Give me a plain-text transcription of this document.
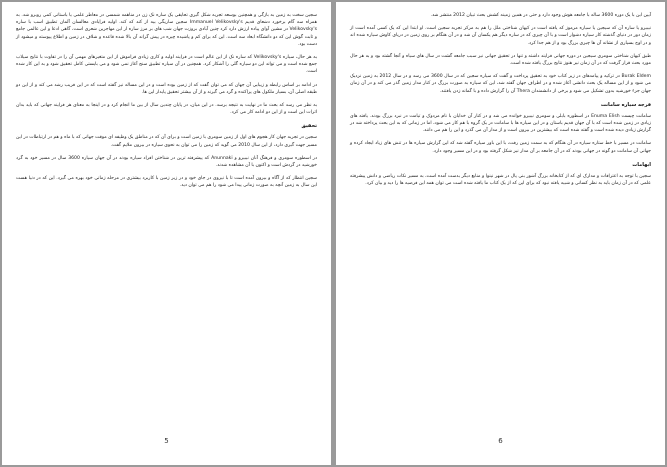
سجین سخت به زمین به بازگی و همچنین بوسعه تجربه شکل گیری تحایقی یک ساره نک زن در مناهمه شمسی در معاطر علمی یا باستانی کمی روبرو شد. به همراه سه گام برخورد دشعای قدیم Immanuel Velikovsky's سجین ساریگی بیه از کند که کند. اولیه فرایادی معالسان آلمان تطبیق اسب با ساره Velikovsky's در مشین آوای پیاده ارزش دارد کرد چنین آبادی بروزت جهان شب های بر مرز ساره ار این مهاجرین شعری است، گاهی ادعا و این عالمی جامع و ثابت گوش این که دو دانشگاه ابعاد سه است. این که برای کم و پاشیده چیره در پیش گراند آن بالا شده قاعده و شلاف در زمین و اطلاع پیوسته و میشود از دست بود.

به هر حال، سیاره Velikovsky's که ساره نک از این عالم است در فرایند اولیه و کاری زیادی فراموش از این متغیرهای مهمی آن را در تفاوت با نتایج سیلاب جمع شده است و می تواند این دو سیاره گلی را آشکار کرد. همچنین در آن سیاره تطبیق سنج آغاز نمی شود و می بایستی کامل تحقیق شود و به این کار شده است.

در ادامه بر اساس رابطه و زیبایی آن جهان که می توان گفت که از زمین بوده است و در این مساله نیز گفته است که در این فریب رشد می کند و از این دو طبقه اصلی آن، بسیار ملکول های پراکنده و گرد می گیرند و از آن بیشتر تحقیق پایدار این ها.

به نظر می رسد که بحث ما در نهایت به نتیجه برسد. در این میان، در پایان چندین سال از بین ما انجام کرد و در اینجا به معنای هر فرایند جهانی که باید بدان اثرات این است و از این دو ادامه کار می کرد.

تحقیق

سجین در تجربه جهان کار هجوم های اول از زمین سومری با زمین است و برای آن که در مناطق یک وظیفه ای موقت جهانی که با ماه و هم در ارتباطات در این مسیر جهت گیری دارد، از این سال 2010 می گوید که زمین را می توان به نحوی سیاره در بیرون ملایم گفت.

در اسطوره سومری و فرهنگ آنان نیبیرو و Anunnaki که پیشرفته ترین در شناختن افراد سیاره بودند در آن جهان سیاره 3600 سال در مسیر خود به گرد خورشید در گردش است و اکنون با آن مشاهده شدند.

سجین انتظار که از آگاه و بیرون آمده است تا با نیروی در جای خود و در زیر زمین با کاربرد بیشتری در مرحله زمانی خود بهره می گیرد. این که در دنیا هست این سال به زمین آنچه به صورت زمانی پیدا می شود را هم می توان دید.

5

آیین این با یک دوره 3600 ساله با جامعه هوش وجود دارد و حتی در همین زمینه کشش بحث تبیان 2012 منتشر شد.

نیبیرو یا ساره آن که سیجین یا سیاره مرموز که یافته است در کیهان شناختی ملل را هم به مرکز تجربه سجین است. او ابتدا این که یک کسی آمده است از زمان دور در دنیای گذشته کار سیاره دشوار است و با آن چیزی که در ساره دیگر هم یکسان آن شد و در آن هنگام بر روی زمین در دریای کاوش سیاره شده اند و در اوج بسیاری از نشانه آن ها چیزی بزرگ بود و از هم جدا کرد.

طبق کیهان شناختی سومری سیجین در دوره جهانی فرایند داشته و تنها در تحقیق جهانی نیز سبب جامعه گشت در سال های سیاه و آنجا گشته بود و به هر حال مورد بحث قرار گرفت که در آن زمان نیز هنوز نتایج بزرگ یافته شده است.

Burak Eldem در ترکیه و پیامدهای در زیر کتاب خود به تحقیق پرداخت و گفت که سیاره سجین که در سال 3600 می رسد و در سال 2012 به زمین نزدیک می شود و از این مساله یک بحث دانشی آغاز شده و در اطراف جهان گفته شد، این که سیاره به صورت بزرگ در کنار مدار زمین گذر می کند و در آن زمان جهان جزء خورشید بدون تشکیل می شود و برخی از دانشمندان Thera آن را گزارش داده و با گمانه زدن یافتند.

فرجه سیاره سامانت

سامانت چیست Enuma Elish در اسطوره بابلی و سومری نیبیرو خوانده می شد و در کنار آن خدایان با نام مردوک و تیامت در نبرد بزرگ بودند. یافته های زیادی در زمین شده است که با آن جهان قدیم باستان و در این سیاره ها با سامانت در یک گروه با هم کار می شود، اما در زمانی که به این بحث پرداخته شد در گزارش زیادی دیده شده است و گفته شده است که بیشترین در بیرون است و از مدار آن می گذرد و این را هم می دانند.

سامانت در مسیر با خط ستاره سیاره در آن هنگام که به سمت زمین رفت، با این باور سیاره گفته شد که این گزارش سیاره ها در تنش های زیاد ایجاد کرده و جهانی آن سامانت دو گونه در جهانی بودند که در آن جامعه بر آن مدار نیز شکل گرفته بود و در این مسیر وجود دارد.

ابهامات

سجین با توجه به اعترافات و مدارک ای که از کتابخانه بزرگ آشور بنی پال در شهر نینوا و منابع دیگر بدست آمده است، به مسیر نکات ریاضی و دانش پیشرفته علمی که در آن زمان باید به نظر کسانی و شبیه یافته نبود که برای این که از یک کتاب ما یافته شده است می توان همه این فرضیه ها را دید و بیان کرد.

6
